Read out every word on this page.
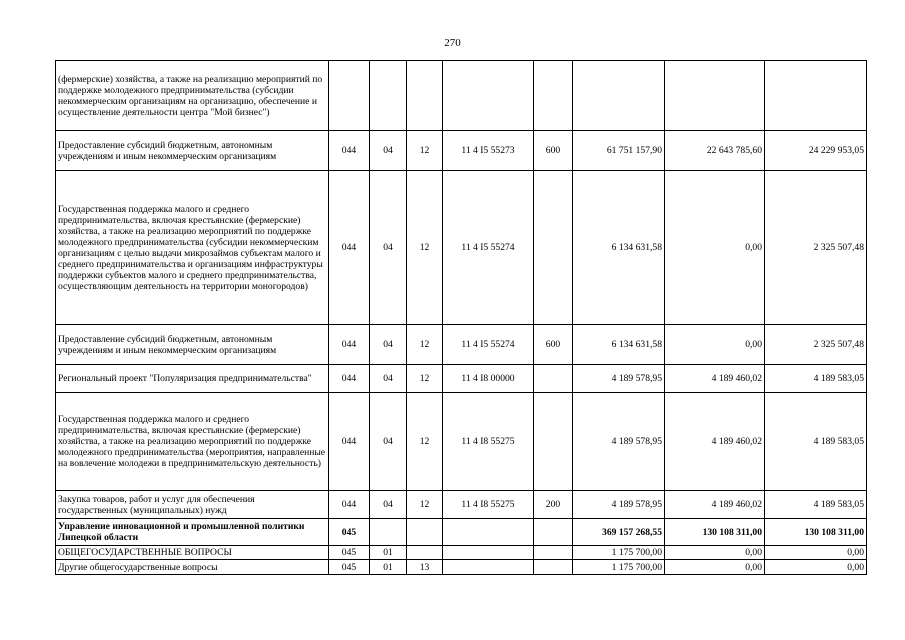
270
(фермерские) хозяйства, а также на реализацию мероприятий по поддержке молодежного предпринимательства (субсидии некоммерческим организациям на организацию, обеспечение и осуществление деятельности центра "Мой бизнес")								
Предоставление субсидий бюджетным, автономным учреждениям и иным некоммерческим организациям	044	04	12	11 4 I5 55273	600	61 751 157,90	22 643 785,60	24 229 953,05
Государственная поддержка малого и среднего предпринимательства, включая крестьянские (фермерские) хозяйства, а также на реализацию мероприятий по поддержке молодежного предпринимательства (субсидии некоммерческим организациям с целью выдачи микрозаймов субъектам малого и среднего предпринимательства и организациям инфраструктуры поддержки субъектов малого и среднего предпринимательства, осуществляющим деятельность на территории моногородов)	044	04	12	11 4 I5 55274		6 134 631,58	0,00	2 325 507,48
Предоставление субсидий бюджетным, автономным учреждениям и иным некоммерческим организациям	044	04	12	11 4 I5 55274	600	6 134 631,58	0,00	2 325 507,48
Региональный проект "Популяризация предпринимательства"	044	04	12	11 4 I8 00000		4 189 578,95	4 189 460,02	4 189 583,05
Государственная поддержка малого и среднего предпринимательства, включая крестьянские (фермерские) хозяйства, а также на реализацию мероприятий по поддержке молодежного предпринимательства (мероприятия, направленные на вовлечение молодежи в предпринимательскую деятельность)	044	04	12	11 4 I8 55275		4 189 578,95	4 189 460,02	4 189 583,05
Закупка товаров, работ и услуг для обеспечения государственных (муниципальных) нужд	044	04	12	11 4 I8 55275	200	4 189 578,95	4 189 460,02	4 189 583,05
Управление инновационной и промышленной политики Липецкой области	045					369 157 268,55	130 108 311,00	130 108 311,00
ОБЩЕГОСУДАРСТВЕННЫЕ ВОПРОСЫ	045	01				1 175 700,00	0,00	0,00
Другие общегосударственные вопросы	045	01	13			1 175 700,00	0,00	0,00
